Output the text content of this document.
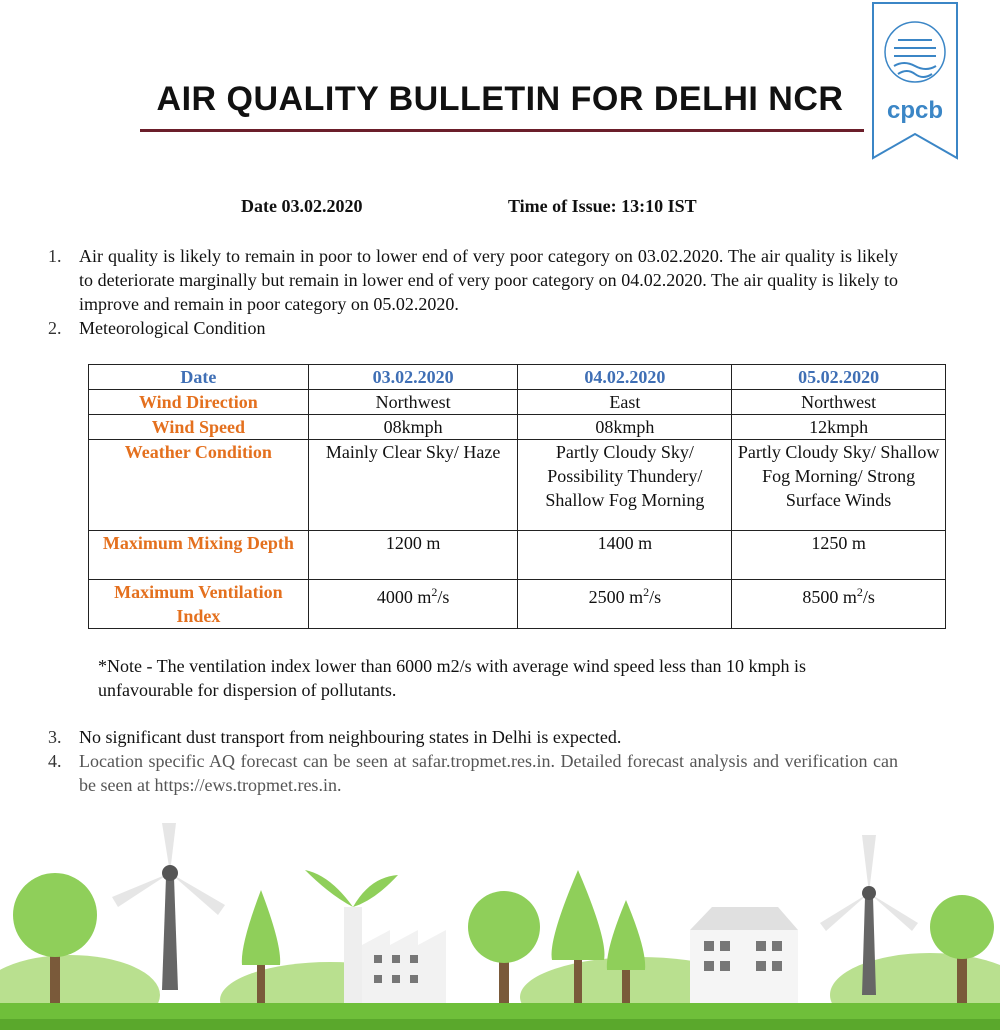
AIR QUALITY BULLETIN FOR DELHI NCR	cpcb
Date 03.02.2020	Time of Issue: 13:10 IST
1. Air quality is likely to remain in poor to lower end of very poor category on 03.02.2020. The air quality is likely to deteriorate marginally but remain in lower end of very poor category on 04.02.2020. The air quality is likely to improve and remain in poor category on 05.02.2020.
2. Meteorological Condition
Date	03.02.2020	04.02.2020	05.02.2020
Wind Direction	Northwest	East	Northwest
Wind Speed	08kmph	08kmph	12kmph
Weather Condition	Mainly Clear Sky/ Haze	Partly Cloudy Sky/ Possibility Thundery/ Shallow Fog Morning	Partly Cloudy Sky/ Shallow Fog Morning/ Strong Surface Winds
Maximum Mixing Depth	1200 m	1400 m	1250 m
Maximum Ventilation Index	4000 $m^2/s$	2500 $m^2/s$	8500 $m^2/s$
*Note - The ventilation index lower than 6000 m2/s with average wind speed less than 10 kmph is unfavourable for dispersion of pollutants.
3. No significant dust transport from neighbouring states in Delhi is expected.
4. Location specific AQ forecast can be seen at safar.tropmet.res.in. Detailed forecast analysis and verification can be seen at https://ews.tropmet.res.in.
